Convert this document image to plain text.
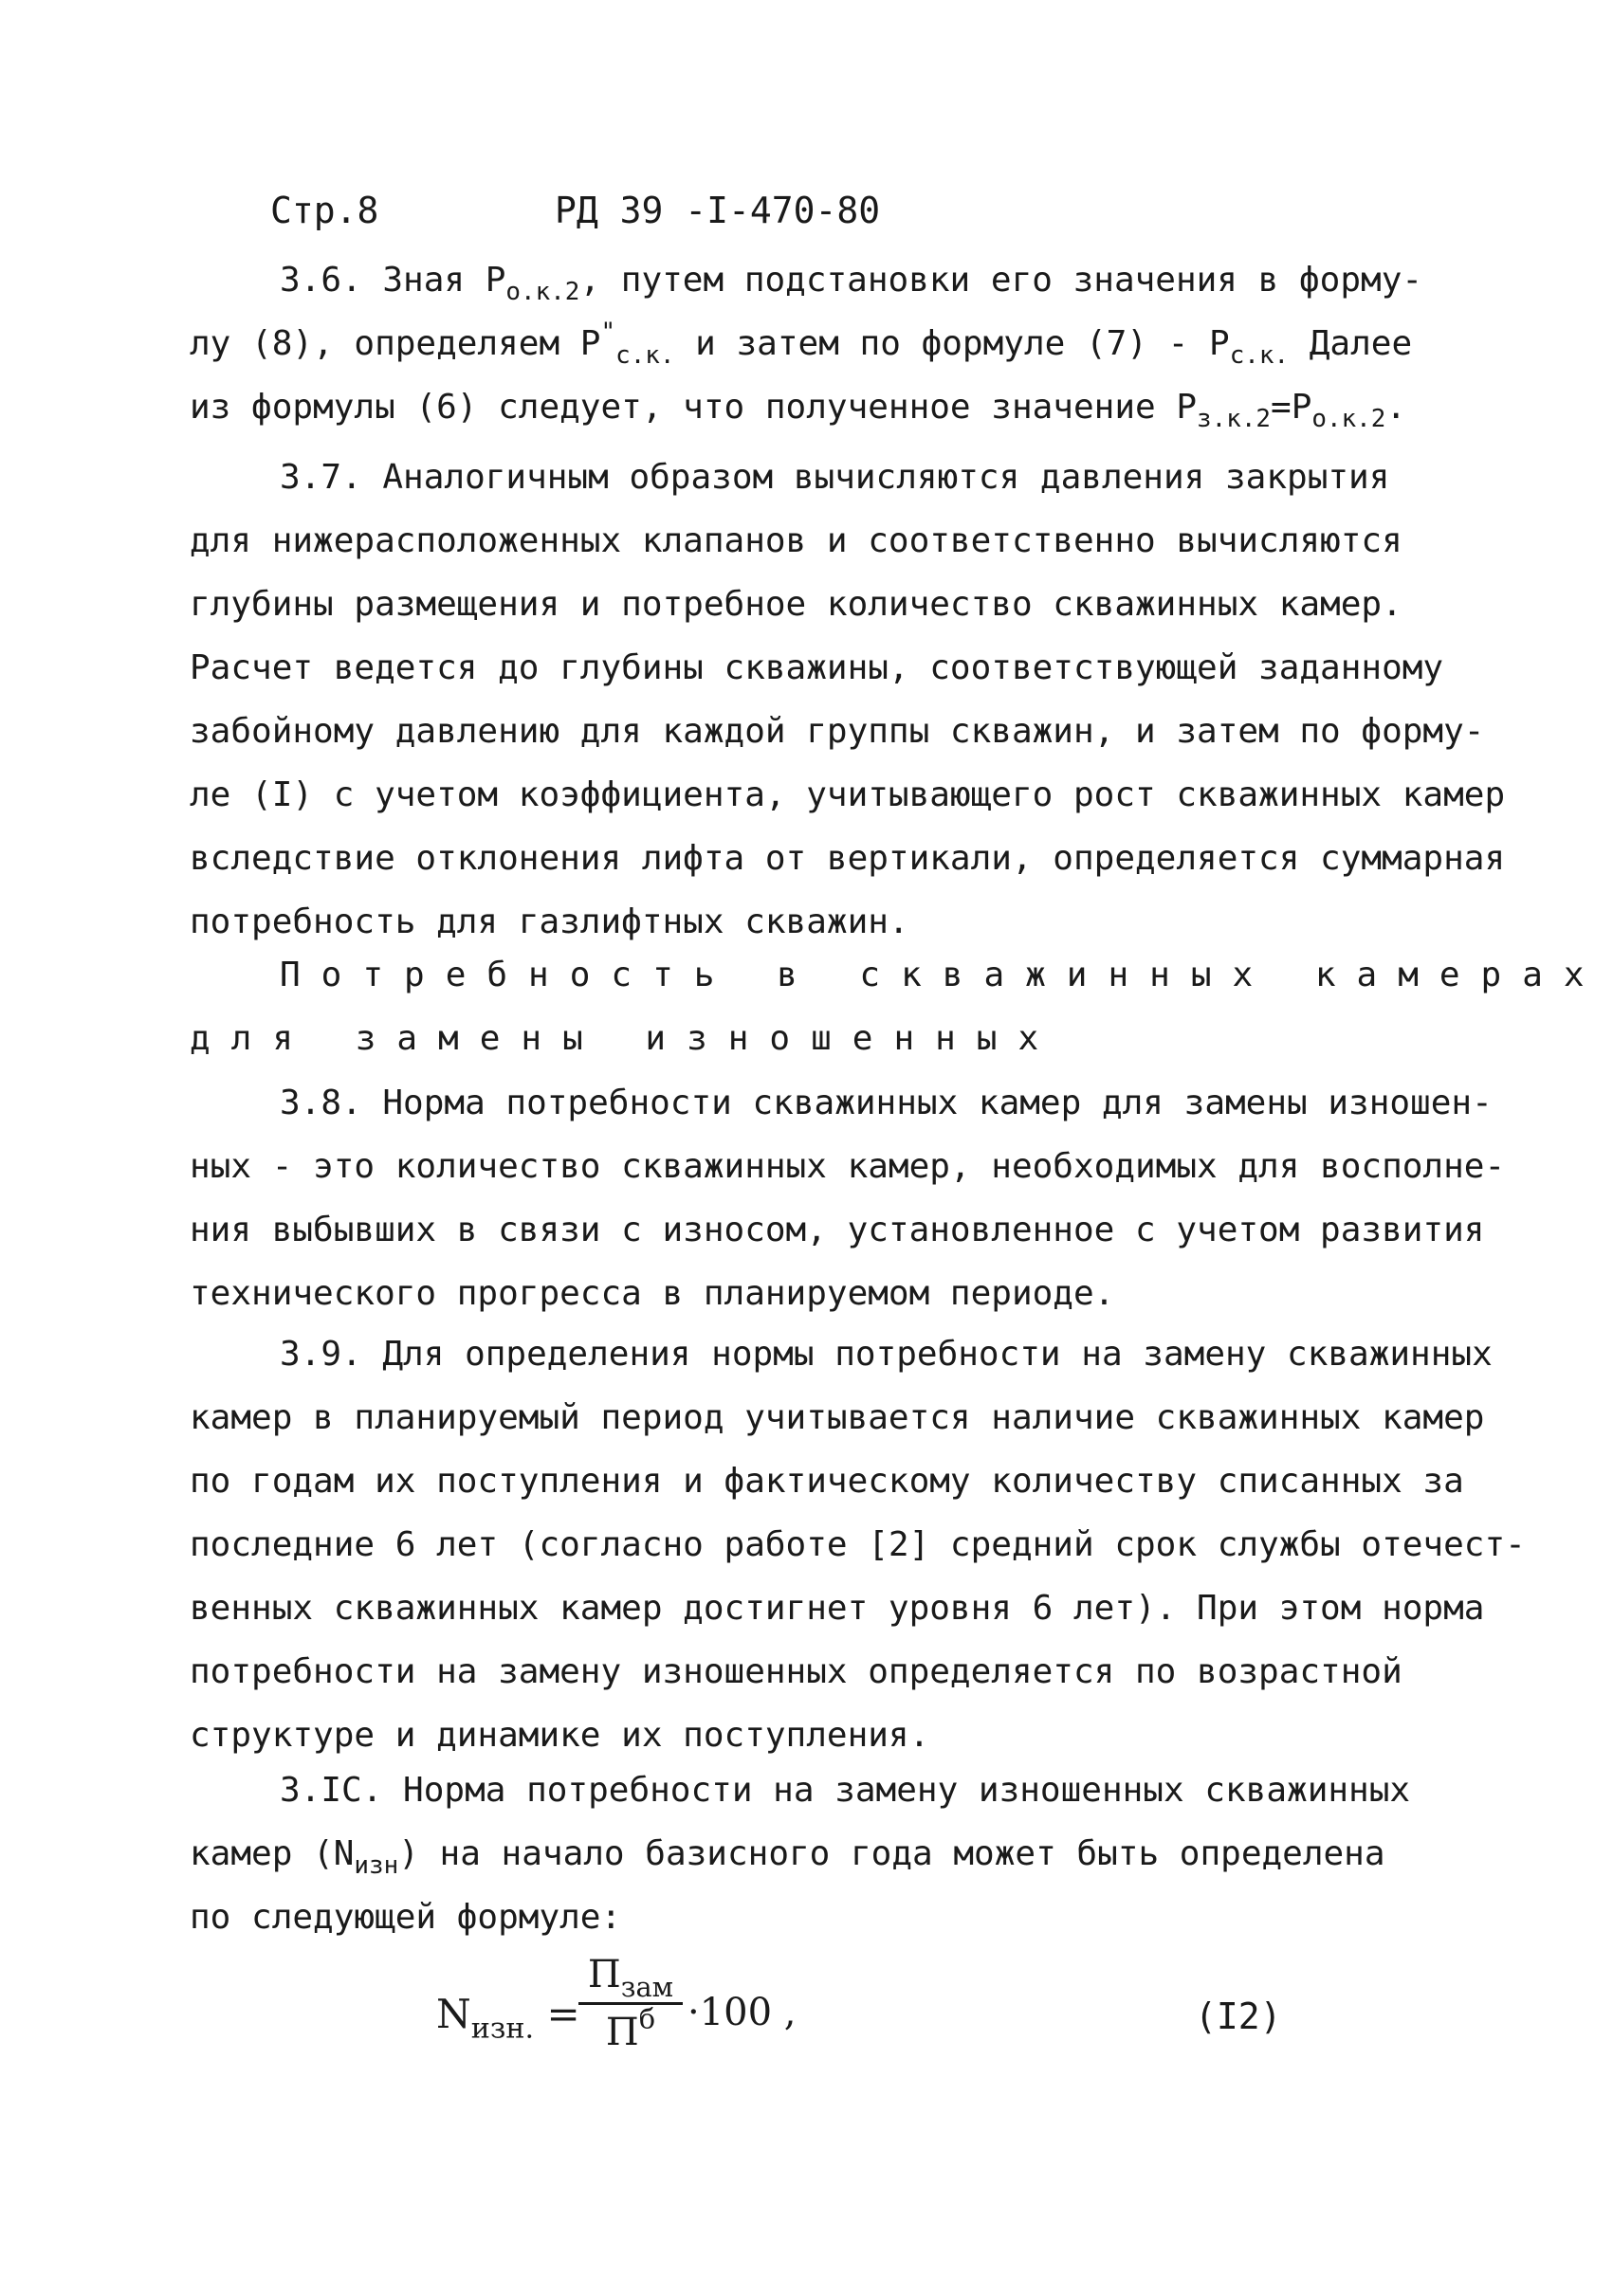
Стр.8	РД 39 -I-470-80
3.6. Зная $Р_{о.к.2}$, путем подстановки его значения в форму-
лу (8), определяем $Р^"_{с.к.}$ и затем по формуле $(7) - Р_{с.к.}$ Далее
из формулы (6) следует, что полученное значение $Р_{з.к.2}=Р_{о.к.2}$.
3.7. Аналогичным образом вычисляются давления закрытия
для нижерасположенных клапанов и соответственно вычисляются
глубины размещения и потребное количество скважинных камер.
Расчет ведется до глубины скважины, соответствующей заданному
забойному давлению для каждой группы скважин, и затем по форму-
ле (I) с учетом коэффициента, учитывающего рост скважинных камер
вследствие отклонения лифта от вертикали, определяется суммарная
потребность для газлифтных скважин.
Потребность в скважинных камерах
для замены изношенных
3.8. Норма потребности скважинных камер для замены изношен-
ных - это количество скважинных камер, необходимых для восполне-
ния выбывших в связи с износом, установленное с учетом развития
технического прогресса в планируемом периоде.
3.9. Для определения нормы потребности на замену скважинных
камер в планируемый период учитывается наличие скважинных камер
по годам их поступления и фактическому количеству списанных за
последние 6 лет (согласно работе [2] средний срок службы отечест-
венных скважинных камер достигнет уровня 6 лет). При этом норма
потребности на замену изношенных определяется по возрастной
структуре и динамике их поступления.
3.IС. Норма потребности на замену изношенных скважинных
камер $(N_{изн})$ на начало базисного года может быть определена
по следующей формуле:
$N_{изн.}$ =
$П_{зам}$
$П^б \cdot 100$ ,	(I2)
